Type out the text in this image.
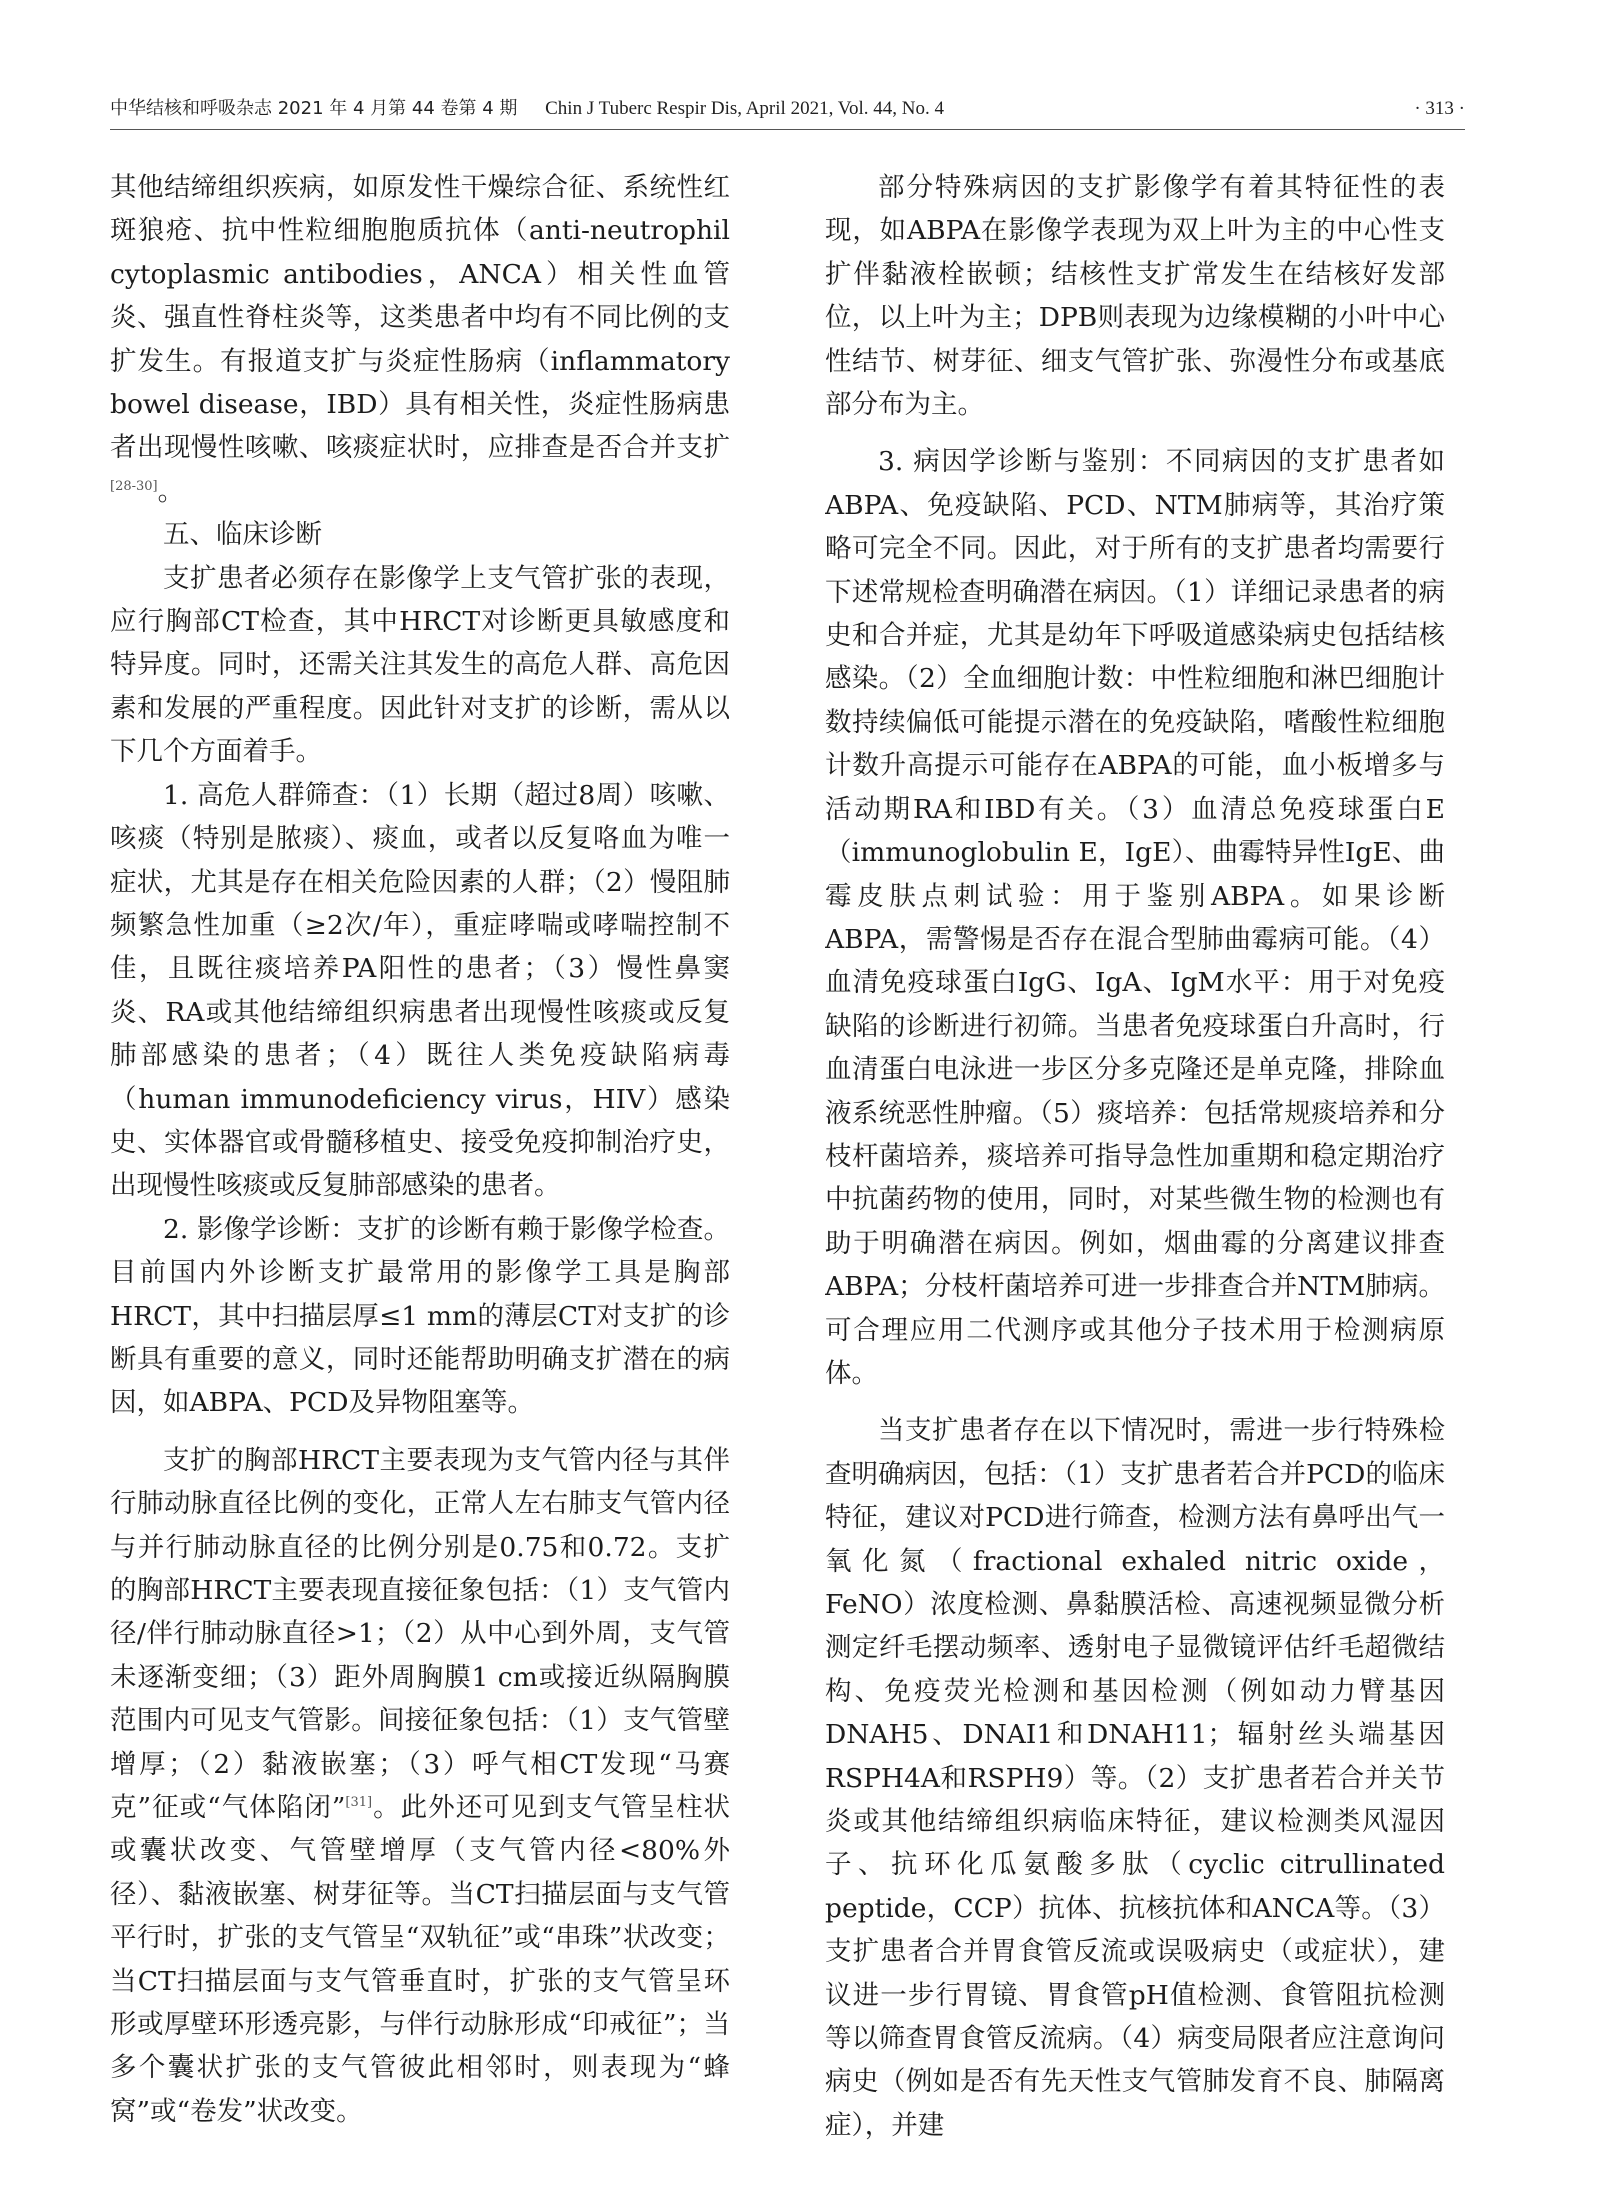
中华结核和呼吸杂志 2021 年 4 月第 44 卷第 4 期 Chin J Tuberc Respir Dis, April 2021, Vol. 44, No. 4	· 313 ·

其他结缔组织疾病，如原发性干燥综合征、系统性红斑狼疮、抗中性粒细胞胞质抗体（anti-neutrophil cytoplasmic antibodies，ANCA）相关性血管炎、强直性脊柱炎等，这类患者中均有不同比例的支扩发生。有报道支扩与炎症性肠病（inflammatory bowel disease，IBD）具有相关性，炎症性肠病患者出现慢性咳嗽、咳痰症状时，应排查是否合并支扩[28-30]。

五、临床诊断

支扩患者必须存在影像学上支气管扩张的表现，应行胸部CT检查，其中HRCT对诊断更具敏感度和特异度。同时，还需关注其发生的高危人群、高危因素和发展的严重程度。因此针对支扩的诊断，需从以下几个方面着手。

1. 高危人群筛查：（1）长期（超过8周）咳嗽、咳痰（特别是脓痰）、痰血，或者以反复咯血为唯一症状，尤其是存在相关危险因素的人群；（2）慢阻肺频繁急性加重（≥2次/年），重症哮喘或哮喘控制不佳，且既往痰培养PA阳性的患者；（3）慢性鼻窦炎、RA或其他结缔组织病患者出现慢性咳痰或反复肺部感染的患者；（4）既往人类免疫缺陷病毒（human immunodeficiency virus，HIV）感染史、实体器官或骨髓移植史、接受免疫抑制治疗史，出现慢性咳痰或反复肺部感染的患者。

2. 影像学诊断：支扩的诊断有赖于影像学检查。目前国内外诊断支扩最常用的影像学工具是胸部HRCT，其中扫描层厚≤1 mm的薄层CT对支扩的诊断具有重要的意义，同时还能帮助明确支扩潜在的病因，如ABPA、PCD及异物阻塞等。

支扩的胸部HRCT主要表现为支气管内径与其伴行肺动脉直径比例的变化，正常人左右肺支气管内径与并行肺动脉直径的比例分别是0.75和0.72。支扩的胸部HRCT主要表现直接征象包括：（1）支气管内径/伴行肺动脉直径>1；（2）从中心到外周，支气管未逐渐变细；（3）距外周胸膜1 cm或接近纵隔胸膜范围内可见支气管影。间接征象包括：（1）支气管壁增厚；（2）黏液嵌塞；（3）呼气相CT发现“马赛克”征或“气体陷闭”[31]。此外还可见到支气管呈柱状或囊状改变、气管壁增厚（支气管内径<80%外径）、黏液嵌塞、树芽征等。当CT扫描层面与支气管平行时，扩张的支气管呈“双轨征”或“串珠”状改变；当CT扫描层面与支气管垂直时，扩张的支气管呈环形或厚壁环形透亮影，与伴行动脉形成“印戒征”；当多个囊状扩张的支气管彼此相邻时，则表现为“蜂窝”或“卷发”状改变。

部分特殊病因的支扩影像学有着其特征性的表现，如ABPA在影像学表现为双上叶为主的中心性支扩伴黏液栓嵌顿；结核性支扩常发生在结核好发部位，以上叶为主；DPB则表现为边缘模糊的小叶中心性结节、树芽征、细支气管扩张、弥漫性分布或基底部分布为主。

3. 病因学诊断与鉴别：不同病因的支扩患者如ABPA、免疫缺陷、PCD、NTM肺病等，其治疗策略可完全不同。因此，对于所有的支扩患者均需要行下述常规检查明确潜在病因。（1）详细记录患者的病史和合并症，尤其是幼年下呼吸道感染病史包括结核感染。（2）全血细胞计数：中性粒细胞和淋巴细胞计数持续偏低可能提示潜在的免疫缺陷，嗜酸性粒细胞计数升高提示可能存在ABPA的可能，血小板增多与活动期RA和IBD有关。（3）血清总免疫球蛋白E（immunoglobulin E，IgE）、曲霉特异性IgE、曲霉皮肤点刺试验：用于鉴别ABPA。如果诊断ABPA，需警惕是否存在混合型肺曲霉病可能。（4）血清免疫球蛋白IgG、IgA、IgM水平：用于对免疫缺陷的诊断进行初筛。当患者免疫球蛋白升高时，行血清蛋白电泳进一步区分多克隆还是单克隆，排除血液系统恶性肿瘤。（5）痰培养：包括常规痰培养和分枝杆菌培养，痰培养可指导急性加重期和稳定期治疗中抗菌药物的使用，同时，对某些微生物的检测也有助于明确潜在病因。例如，烟曲霉的分离建议排查ABPA；分枝杆菌培养可进一步排查合并NTM肺病。可合理应用二代测序或其他分子技术用于检测病原体。

当支扩患者存在以下情况时，需进一步行特殊检查明确病因，包括：（1）支扩患者若合并PCD的临床特征，建议对PCD进行筛查，检测方法有鼻呼出气一氧化氮（fractional exhaled nitric oxide，FeNO）浓度检测、鼻黏膜活检、高速视频显微分析测定纤毛摆动频率、透射电子显微镜评估纤毛超微结构、免疫荧光检测和基因检测（例如动力臂基因DNAH5、DNAI1和DNAH11；辐射丝头端基因RSPH4A和RSPH9）等。（2）支扩患者若合并关节炎或其他结缔组织病临床特征，建议检测类风湿因子、抗环化瓜氨酸多肽（cyclic citrullinated peptide，CCP）抗体、抗核抗体和ANCA等。（3）支扩患者合并胃食管反流或误吸病史（或症状），建议进一步行胃镜、胃食管pH值检测、食管阻抗检测等以筛查胃食管反流病。（4）病变局限者应注意询问病史（例如是否有先天性支气管肺发育不良、肺隔离症），并建
